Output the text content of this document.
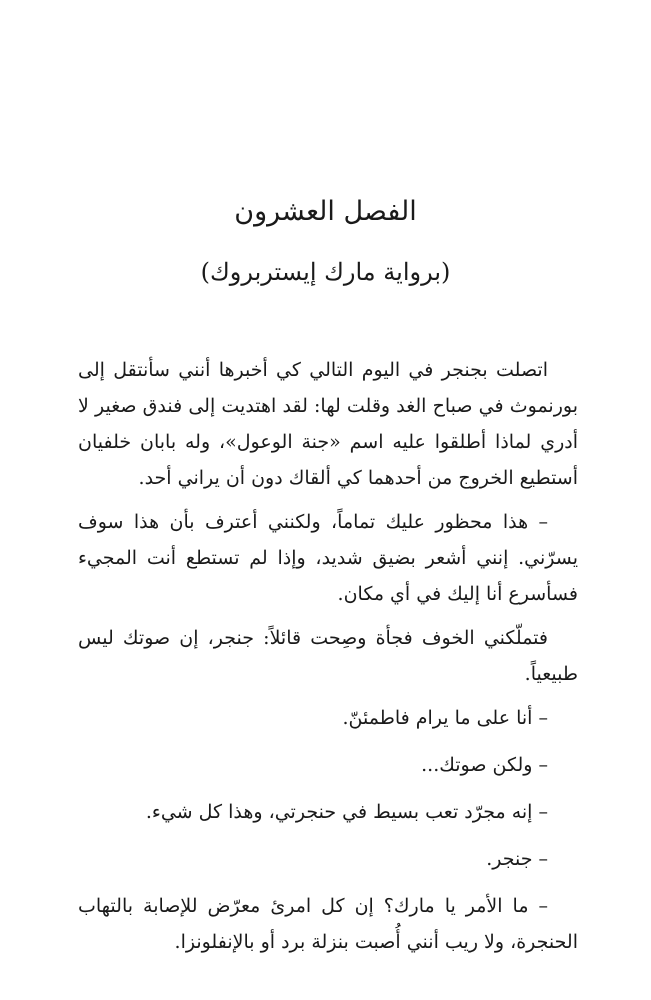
الفصل العشرون
(برواية مارك إيستربروك)

اتصلت بجنجر في اليوم التالي كي أخبرها أنني سأنتقل إلى بورنموث في صباح الغد وقلت لها: لقد اهتديت إلى فندق صغير لا أدري لماذا أطلقوا عليه اسم «جنة الوعول»، وله بابان خلفيان أستطيع الخروج من أحدهما كي ألقاك دون أن يراني أحد.

– هذا محظور عليك تماماً، ولكنني أعترف بأن هذا سوف يسرّني. إنني أشعر بضيق شديد، وإذا لم تستطع أنت المجيء فسأسرع أنا إليك في أي مكان.

فتملّكني الخوف فجأة وصِحت قائلاً: جنجر، إن صوتك ليس طبيعياً.

– أنا على ما يرام فاطمئنّ.

– ولكن صوتك...

– إنه مجرّد تعب بسيط في حنجرتي، وهذا كل شيء.

– جنجر.

– ما الأمر يا مارك؟ إن كل امرئ معرّض للإصابة بالتهاب الحنجرة، ولا ريب أنني أُصبت بنزلة برد أو بالإنفلونزا.
